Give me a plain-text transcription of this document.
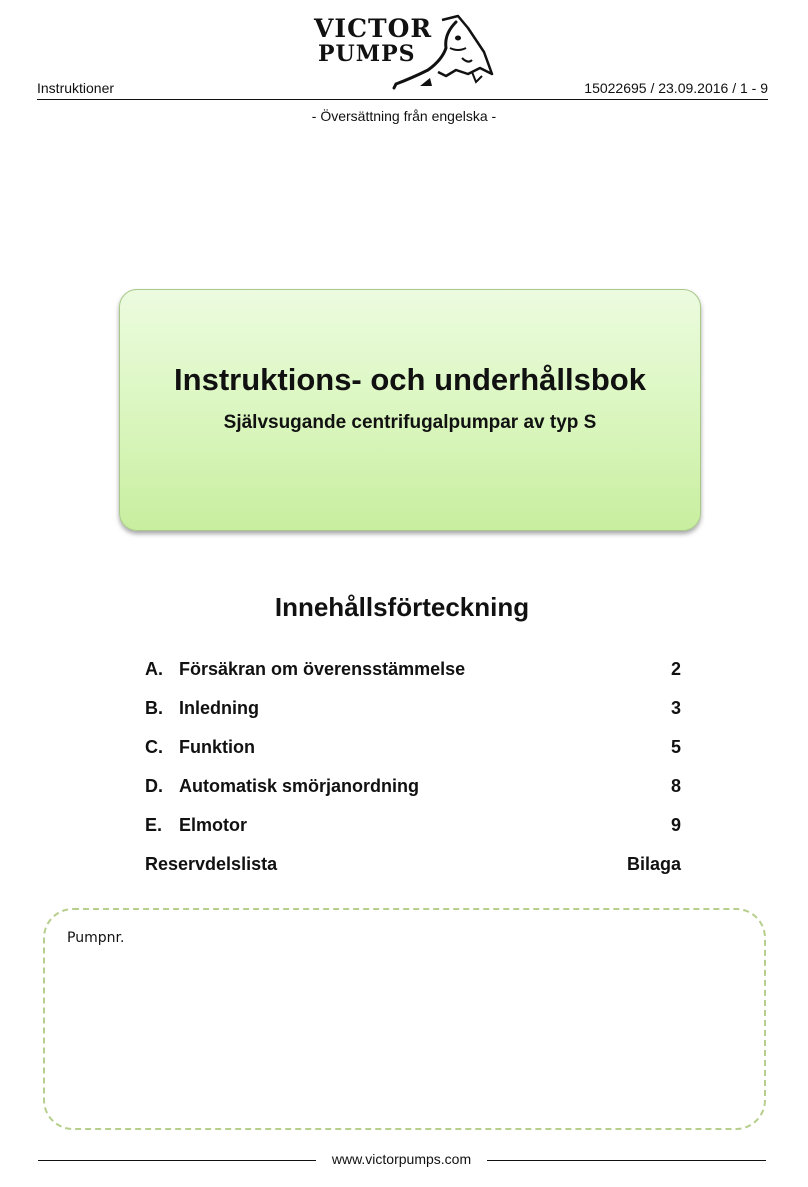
VICTOR
PUMPS
Instruktioner	15022695 / 23.09.2016 / 1 - 9
- Översättning från engelska -
Instruktions- och underhållsbok
Självsugande centrifugalpumpar av typ S
Innehållsförteckning
A. Försäkran om överensstämmelse	2
B. Inledning	3
C. Funktion	5
D. Automatisk smörjanordning	8
E. Elmotor	9
Reservdelslista	Bilaga
Pumpnr.
www.victorpumps.com
